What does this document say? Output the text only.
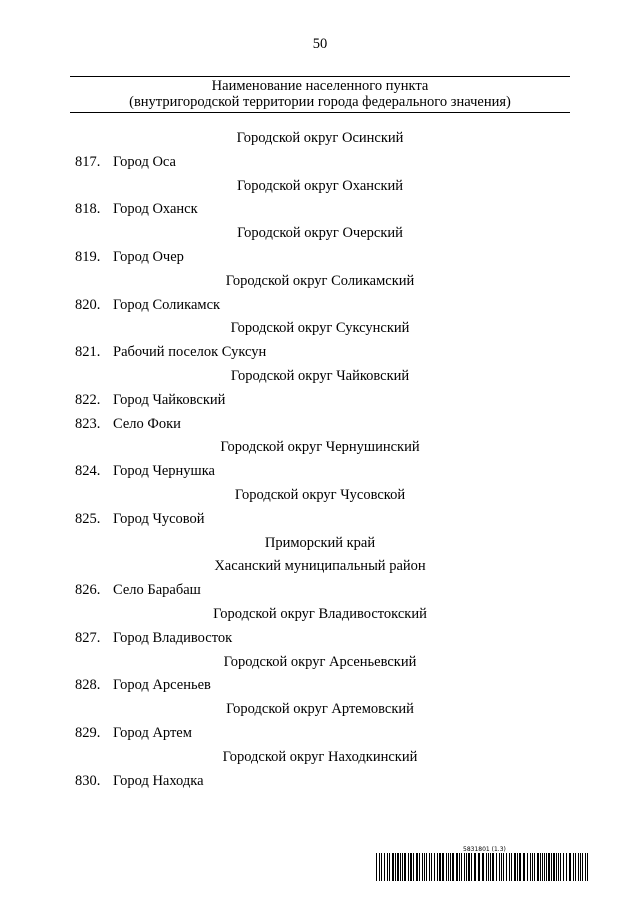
50
Наименование населенного пункта
(внутригородской территории города федерального значения)
Городской округ Осинский
817. Город Оса
Городской округ Оханский
818. Город Оханск
Городской округ Очерский
819. Город Очер
Городской округ Соликамский
820. Город Соликамск
Городской округ Суксунский
821. Рабочий поселок Суксун
Городской округ Чайковский
822. Город Чайковский
823. Село Фоки
Городской округ Чернушинский
824. Город Чернушка
Городской округ Чусовской
825. Город Чусовой
Приморский край
Хасанский муниципальный район
826. Село Барабаш
Городской округ Владивостокский
827. Город Владивосток
Городской округ Арсеньевский
828. Город Арсеньев
Городской округ Артемовский
829. Город Артем
Городской округ Находкинский
830. Город Находка
5831801 (1.3)
